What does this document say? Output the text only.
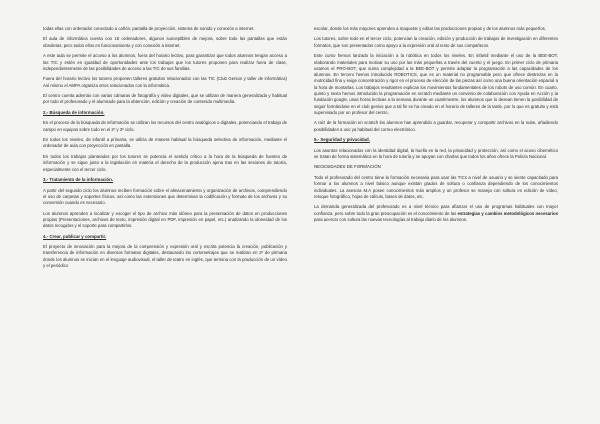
todas ellas con ordenador conectado a cañón, pantalla de proyección, sistema de sonido y conexión a internet.

El aula de informática cuenta con 18 ordenadores, algunos susceptibles de mejora, sobre todo las pantallas que están obsoletas, pero todos ellos en funcionamiento y con conexión a internet.

A este aula se permite el acceso a los alumnos, fuera del horario lectivo, para garantizar que todos alumnos tengan acceso a las TIC y estén en igualdad de oportunidades ante los trabajos que los tutores proponen para realizar fuera de clase, independientemente de las posibilidades de acceso a las TIC de sus familias.

Fuera del horario lectivo los tutores proponen talleres gratuitos relacionados con las TIC (Club Genios y taller de informática) Así mismo el AMPA organiza otros relacionados con la informática.

El centro cuenta además con varias cámaras de fotografía y vídeo digitales, que se utilizan de manera generalizada y habitual por todo el profesorado y el alumnado para la obtención, edición y creación de contenido multimedia.

2.- Búsqueda de información.

En el proceso de la búsqueda de información se utilizan los recursos del centro analógicos o digitales, potenciando el trabajo de campo en equipos sobre todo en el 2º y 3º ciclo.

En todos los niveles, de infantil a primaria, se utiliza de manera habitual la búsqueda selectiva de información, mediante el ordenador de aula con proyección en pantalla.

En todos los trabajos planteados por los tutores se potencia el sentido crítico a la hora de la búsqueda de fuentes de información y se sigue junto a la legislación en materia el derecho de la producción ajena tras en las sesiones de tutoría, especialmente con el tercer ciclo.

3.- Tratamiento de la información.

A partir del segundo ciclo los alumnos reciben formación sobre el almacenamiento y organización de archivos, comprendiendo el uso de carpetas y soportes físicos, así como las extensiones que determinan la codificación y formato de los archivos y su conversión cuando es necesario.

Los alumnos aprenden a localizar y escoger el tipo de archivo más idóneo para la presentación de datos en producciones propias (Presentaciones, archivos de texto, impresión digital en PDF, impresión en papel, etc.) analizando la idoneidad de los datos recogidos y el soporte para compartirlos.

4.- Crear, publicar y compartir.

El proyecto de innovación para la mejora de la comprensión y expresión oral y escrita potencia la creación, publicación y transferencia de información en diversos formatos digitales, destacando los cortometrajes que se realizan en 2º de primaria donde los alumnos se inician en el lenguaje audiovisual, el taller de teatro en inglés, que termina con la producción de un vídeo y el periódico

escolar, donde los más mayores aprenden a maquetar y editar las producciones propias y de los alumnos más pequeños.

Los tutores, sobre todo en el tercer ciclo, potencian la creación, edición y producción de trabajos de investigación en diferentes formatos, que son presentados como apoyo a la expresión oral al resto de sus compañeros.

Este curso hemos lanzado la iniciación a la robótica en todos los niveles. En infantil mediante el uso de la BEE-BOT, elaborando materiales para motivar su uso por las más pequeñas a través del cuento y el juego. En primer ciclo de primaria usamos el PRO-BOT, que suma complejidad a la BEE-BOT y permite adaptar la programación a las capacidades de los alumnos. En tercero hemos introducido ROBOTICS, que es un material no programable pero que ofrece destrezas en la motricidad fina y exige concentración y rigor en el proceso de elección de las piezas así como una buena orientación espacial a la hora de montarlas. Los trabajos resultantes explican los movimientos fundamentales de los robots de uso común. En cuarto, quinto y sexto hemos introducido la programación en scratch mediante un convenio de colaboración con Ayuda en Acción y la fundación google, unas horas lectivas a la semana durante un cuatrimestre, los alumnos que lo desean tienen la posibilidad de seguir formándose en el club genios que a tal fin se ha creado en el horario de talleres de la tarde, por lo que es gratuito y está supervisado por un profesor del centro.

A raíz de la formación en scratch los alumnos han aprendido a guardar, recuperar y compartir archivos en la nube, añadiendo posibilidades a uso ya habitual del correo electrónico.

5.- Seguridad y privacidad.

Los asuntos relacionados con la identidad digital, la huella en la red, la privacidad y protección, así como el acoso cibernético se tratan de forma sistemática en la hora de tutoría y se apoyan con charlas que todos los años ofrece la Policía Nacional.

NECESIDADES DE FORMACIÓN

Todo el profesorado del centro tiene la formación necesaria para usar las TICs a nivel de usuario y se siente capacitado para formar a los alumnos a nivel básico aunque existan grados de soltura o confianza dependiendo de los conocimientos individuales. La asesora M.A posee conocimientos más amplios y un profesor se maneja con soltura en edición de vídeo, retoque fotográfico, hojas de cálculo, bases de datos, etc.

La demanda generalizada del profesorado es a nivel técnico para afianzar el uso de programas habituales con mayor confianza, pero sobre todo la gran preocupación es el conocimiento de las estrategias y cambios metodológicos necesarios para acercar con soltura las nuevas tecnologías al trabajo diario de los alumnos.
